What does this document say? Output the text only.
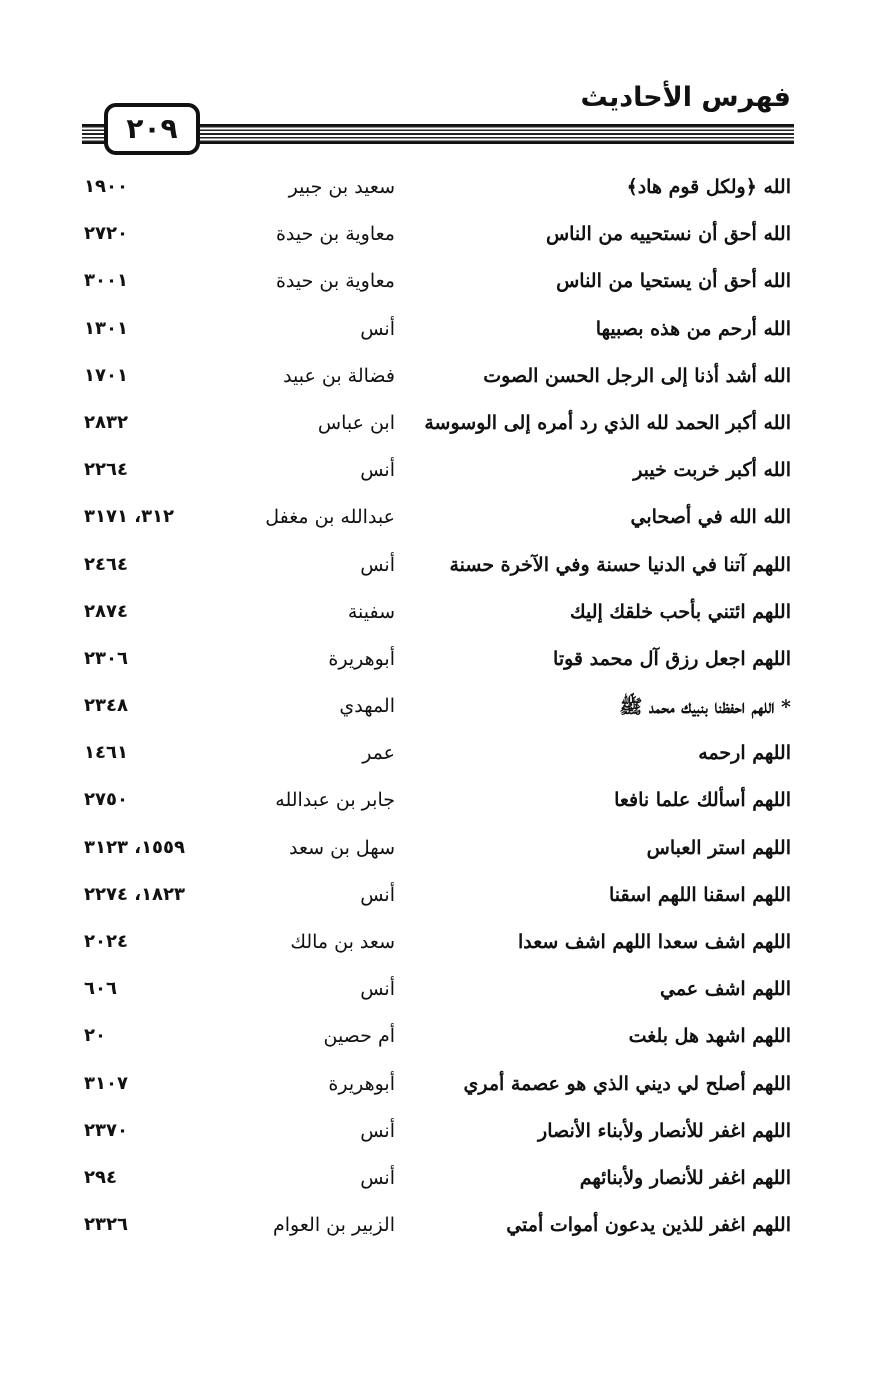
٢٠٩
فهرس الأحاديث
الله ﴿ولكل قوم هاد﴾
سعيد بن جبير
١٩٠٠
الله أحق أن نستحييه من الناس
معاوية بن حيدة
٢٧٢٠
الله أحق أن يستحيا من الناس
معاوية بن حيدة
٣٠٠١
الله أرحم من هذه بصبيها
أنس
١٣٠١
الله أشد أذنا إلى الرجل الحسن الصوت
فضالة بن عبيد
١٧٠١
الله أكبر الحمد لله الذي رد أمره إلى الوسوسة
ابن عباس
٢٨٣٢
الله أكبر خربت خيبر
أنس
٢٢٦٤
الله الله في أصحابي
عبدالله بن مغفل
٣١٢، ٣١٧١
اللهم آتنا في الدنيا حسنة وفي الآخرة حسنة
أنس
٢٤٦٤
اللهم ائتني بأحب خلقك إليك
سفينة
٢٨٧٤
اللهم اجعل رزق آل محمد قوتا
أبوهريرة
٢٣٠٦
* اللهم احفظنا بنبيك محمد ﷺ
المهدي
٢٣٤٨
اللهم ارحمه
عمر
١٤٦١
اللهم أسألك علما نافعا
جابر بن عبدالله
٢٧٥٠
اللهم استر العباس
سهل بن سعد
١٥٥٩، ٣١٢٣
اللهم اسقنا اللهم اسقنا
أنس
١٨٢٣، ٢٢٧٤
اللهم اشف سعدا اللهم اشف سعدا
سعد بن مالك
٢٠٢٤
اللهم اشف عمي
أنس
٦٠٦
اللهم اشهد هل بلغت
أم حصين
٢٠
اللهم أصلح لي ديني الذي هو عصمة أمري
أبوهريرة
٣١٠٧
اللهم اغفر للأنصار ولأبناء الأنصار
أنس
٢٣٧٠
اللهم اغفر للأنصار ولأبنائهم
أنس
٢٩٤
اللهم اغفر للذين يدعون أموات أمتي
الزبير بن العوام
٢٣٢٦
